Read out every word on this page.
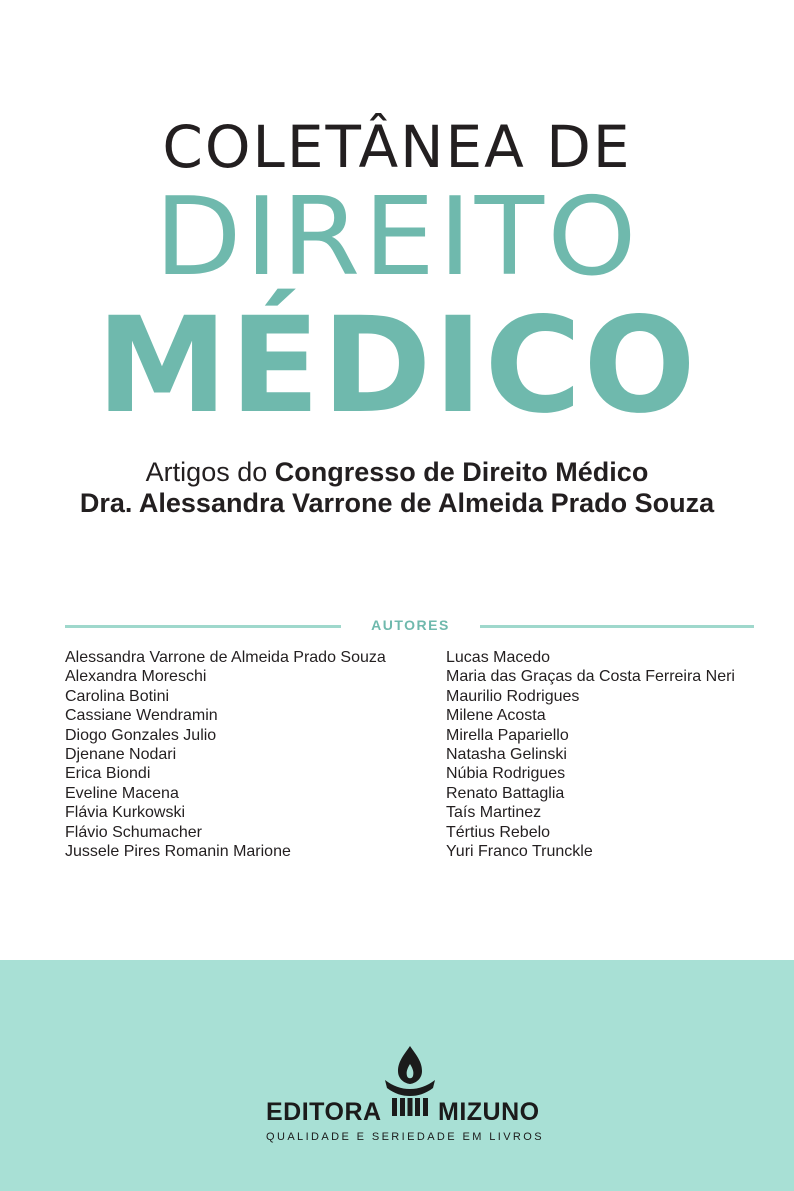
COLETÂNEA DE
DIREITO
MÉDICO
Artigos do Congresso de Direito Médico
Dra. Alessandra Varrone de Almeida Prado Souza
AUTORES
Alessandra Varrone de Almeida Prado Souza
Alexandra Moreschi
Carolina Botini
Cassiane Wendramin
Diogo Gonzales Julio
Djenane Nodari
Erica Biondi
Eveline Macena
Flávia Kurkowski
Flávio Schumacher
Jussele Pires Romanin Marione
Lucas Macedo
Maria das Graças da Costa Ferreira Neri
Maurilio Rodrigues
Milene Acosta
Mirella Papariello
Natasha Gelinski
Núbia Rodrigues
Renato Battaglia
Taís Martinez
Tértius Rebelo
Yuri Franco Trunckle
EDITORA MIZUNO
QUALIDADE E SERIEDADE EM LIVROS
